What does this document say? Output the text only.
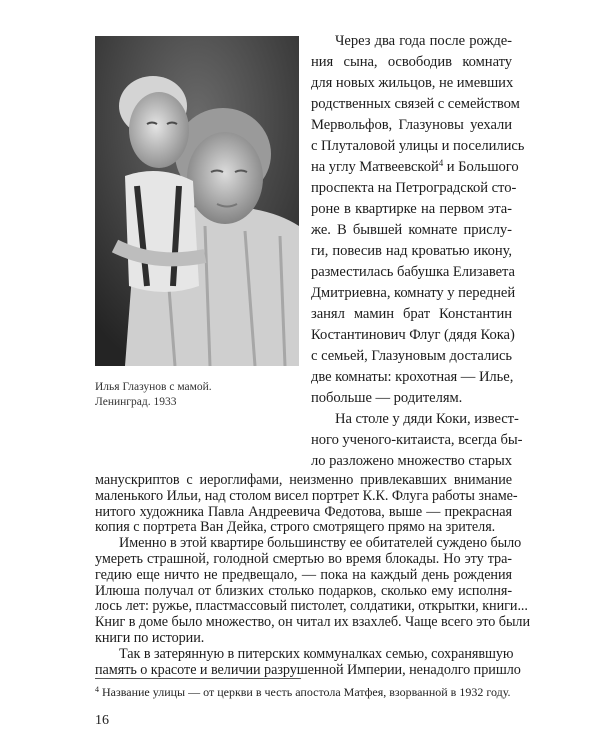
Илья Глазунов с мамой.
Ленинград. 1933
Через два года после рожде-
ния сына, освободив комнату
для новых жильцов, не имевших
родственных связей с семейством
Мервольфов, Глазуновы уехали
с Плуталовой улицы и поселились
на углу Матвеевской$^4$ и Большого
проспекта на Петроградской сто-
роне в квартирке на первом эта-
же. В бывшей комнате прислу-
ги, повесив над кроватью икону,
разместилась бабушка Елизавета
Дмитриевна, комнату у передней
занял мамин брат Константин
Костантинович Флуг (дядя Кока)
с семьей, Глазуновым достались
две комнаты: крохотная — Илье,
побольше — родителям.
На столе у дяди Коки, извест-
ного ученого-китаиста, всегда бы-
ло разложено множество старых
манускриптов с иероглифами, неизменно привлекавших внимание
маленького Ильи, над столом висел портрет К.К. Флуга работы знаме-
нитого художника Павла Андреевича Федотова, выше — прекрасная
копия с портрета Ван Дейка, строго смотрящего прямо на зрителя.
Именно в этой квартире большинству ее обитателей суждено было
умереть страшной, голодной смертью во время блокады. Но эту тра-
гедию еще ничто не предвещало, — пока на каждый день рождения
Илюша получал от близких столько подарков, сколько ему исполня-
лось лет: ружье, пластмассовый пистолет, солдатики, открытки, книги...
Книг в доме было множество, он читал их взахлеб. Чаще всего это были
книги по истории.
$^4$ Название улицы — от церкви в честь апостола Матфея, взорванной в 1932 году.
16
Так в затерянную в питерских коммуналках семью, сохранявшую
память о красоте и величии разрушенной Империи, ненадолго пришло
